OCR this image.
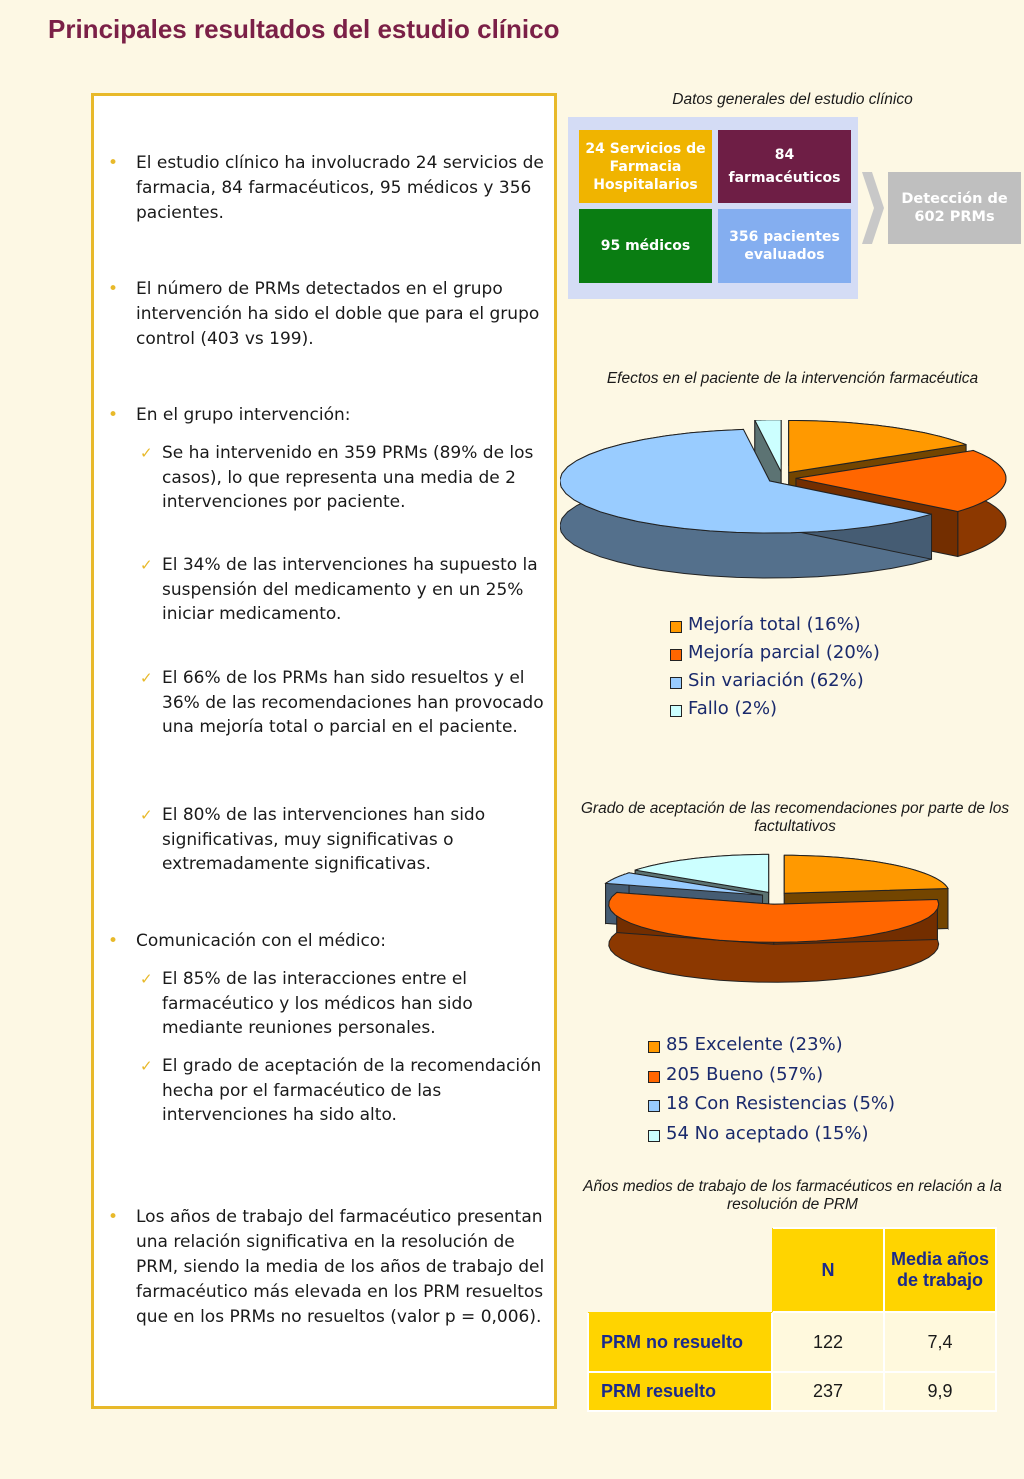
Principales resultados del estudio clínico
• El estudio clínico ha involucrado 24 servicios de farmacia, 84 farmacéuticos, 95 médicos y 356 pacientes.
• El número de PRMs detectados en el grupo intervención ha sido el doble que para el grupo control (403 vs 199).
• En el grupo intervención:
✓ Se ha intervenido en 359 PRMs (89% de los casos), lo que representa una media de 2 intervenciones por paciente.
✓ El 34% de las intervenciones ha supuesto la suspensión del medicamento y en un 25% iniciar medicamento.
✓ El 66% de los PRMs han sido resueltos y el 36% de las recomendaciones han provocado una mejoría total o parcial en el paciente.
✓ El 80% de las intervenciones han sido significativas, muy significativas o extremadamente significativas.
• Comunicación con el médico:
✓ El 85% de las interacciones entre el farmacéutico y los médicos han sido mediante reuniones personales.
✓ El grado de aceptación de la recomendación hecha por el farmacéutico de las intervenciones ha sido alto.
• Los años de trabajo del farmacéutico presentan una relación significativa en la resolución de PRM, siendo la media de los años de trabajo del farmacéutico más elevada en los PRM resueltos que en los PRMs no resueltos (valor p = 0,006).
Datos generales del estudio clínico
24 Servicios de Farmacia Hospitalarios
84 farmacéuticos
95 médicos
356 pacientes evaluados
Detección de 602 PRMs
Efectos en el paciente de la intervención farmacéutica
Mejoría total (16%)
Mejoría parcial (20%)
Sin variación (62%)
Fallo (2%)
Grado de aceptación de las recomendaciones por parte de los factultativos
85 Excelente (23%)
205 Bueno (57%)
18 Con Resistencias (5%)
54 No aceptado (15%)
Años medios de trabajo de los farmacéuticos en relación a la resolución de PRM
	N	Media años de trabajo
PRM no resuelto	122	7,4
PRM resuelto	237	9,9
